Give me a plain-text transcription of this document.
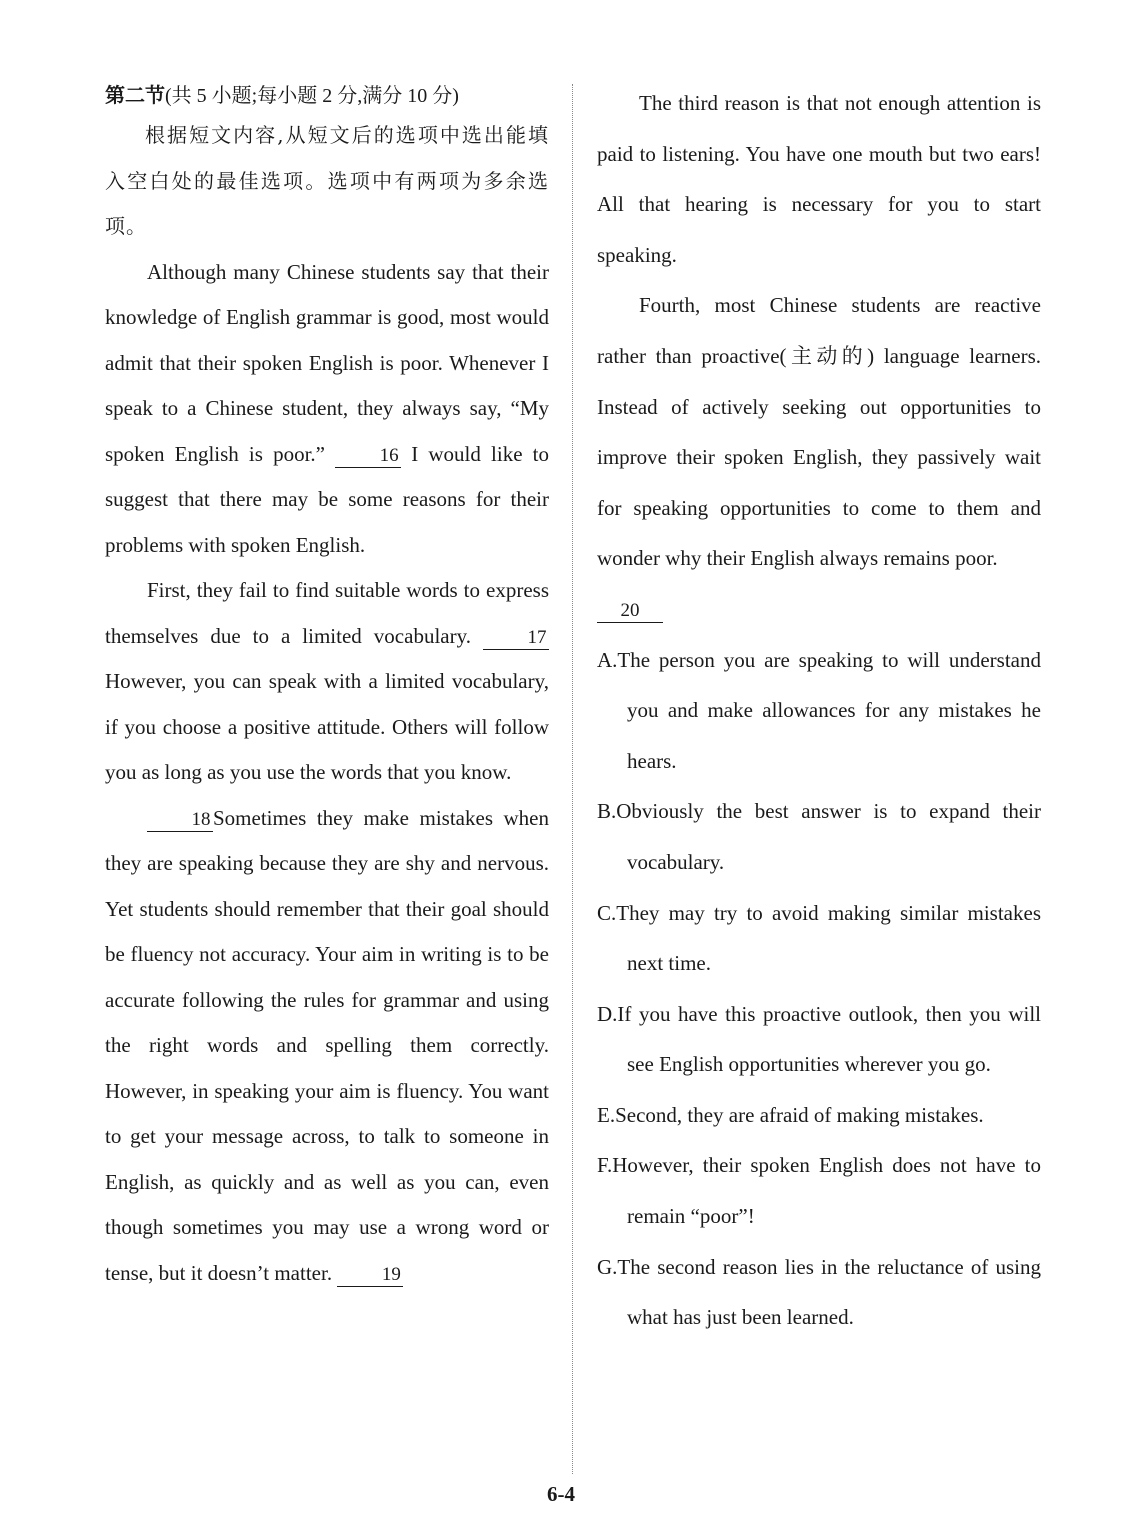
第二节(共 5 小题;每小题 2 分,满分 10 分)

根据短文内容,从短文后的选项中选出能填入空白处的最佳选项。选项中有两项为多余选项。

Although many Chinese students say that their knowledge of English grammar is good, most would admit that their spoken English is poor. Whenever I speak to a Chinese student, they always say, “My spoken English is poor.” 16 I would like to suggest that there may be some reasons for their problems with spoken English.

First, they fail to find suitable words to express themselves due to a limited vocabulary. 17 However, you can speak with a limited vocabulary, if you choose a positive attitude. Others will follow you as long as you use the words that you know.

18 Sometimes they make mistakes when they are speaking because they are shy and nervous. Yet students should remember that their goal should be fluency not accuracy. Your aim in writing is to be accurate following the rules for grammar and using the right words and spelling them correctly. However, in speaking your aim is fluency. You want to get your message across, to talk to someone in English, as quickly and as well as you can, even though sometimes you may use a wrong word or tense, but it doesn’t matter. 19

The third reason is that not enough attention is paid to listening. You have one mouth but two ears! All that hearing is necessary for you to start speaking.

Fourth, most Chinese students are reactive rather than proactive(主动的) language learners. Instead of actively seeking out opportunities to improve their spoken English, they passively wait for speaking opportunities to come to them and wonder why their English always remains poor.

20

A.The person you are speaking to will understand you and make allowances for any mistakes he hears.

B.Obviously the best answer is to expand their vocabulary.

C.They may try to avoid making similar mistakes next time.

D.If you have this proactive outlook, then you will see English opportunities wherever you go.

E.Second, they are afraid of making mistakes.

F.However, their spoken English does not have to remain “poor”!

G.The second reason lies in the reluctance of using what has just been learned.

6-4
